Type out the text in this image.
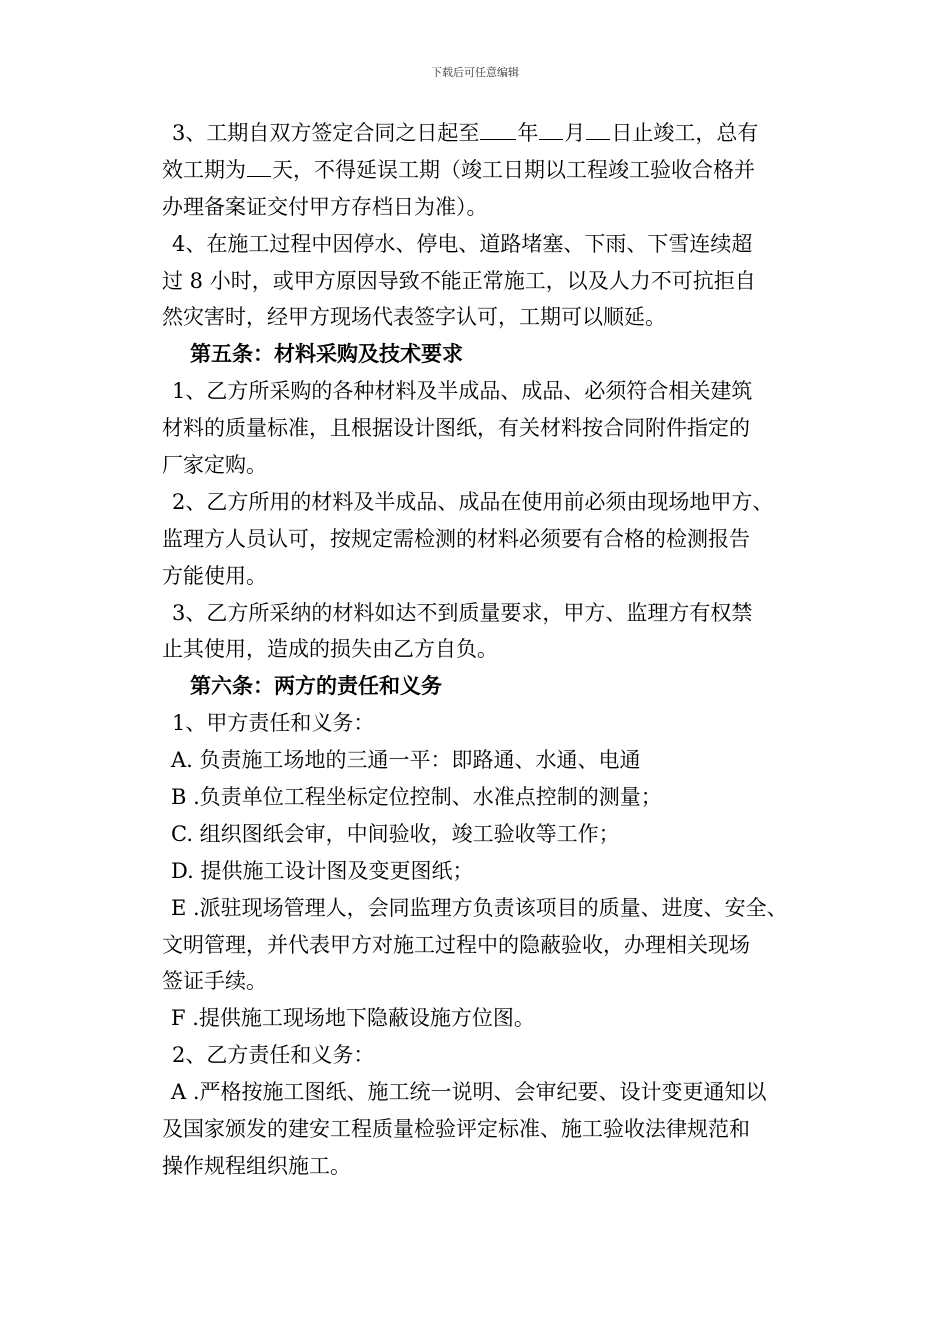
下载后可任意编辑
3、工期自双方签定合同之日起至 年 月 日止竣工，总有
效工期为 天，不得延误工期（竣工日期以工程竣工验收合格并
办理备案证交付甲方存档日为准）。
4、在施工过程中因停水、停电、道路堵塞、下雨、下雪连续超
过 8 小时，或甲方原因导致不能正常施工，以及人力不可抗拒自
然灾害时，经甲方现场代表签字认可，工期可以顺延。
第五条：材料采购及技术要求
1、乙方所采购的各种材料及半成品、成品、必须符合相关建筑
材料的质量标准，且根据设计图纸，有关材料按合同附件指定的
厂家定购。
2、乙方所用的材料及半成品、成品在使用前必须由现场地甲方、
监理方人员认可，按规定需检测的材料必须要有合格的检测报告
方能使用。
3、乙方所采纳的材料如达不到质量要求，甲方、监理方有权禁
止其使用，造成的损失由乙方自负。
第六条：两方的责任和义务
1、甲方责任和义务：
A. 负责施工场地的三通一平：即路通、水通、电通
B .负责单位工程坐标定位控制、水准点控制的测量；
C. 组织图纸会审，中间验收，竣工验收等工作；
D. 提供施工设计图及变更图纸；
E .派驻现场管理人，会同监理方负责该项目的质量、进度、安全、
文明管理，并代表甲方对施工过程中的隐蔽验收，办理相关现场
签证手续。
F .提供施工现场地下隐蔽设施方位图。
2、乙方责任和义务：
A .严格按施工图纸、施工统一说明、会审纪要、设计变更通知以
及国家颁发的建安工程质量检验评定标准、施工验收法律规范和
操作规程组织施工。
